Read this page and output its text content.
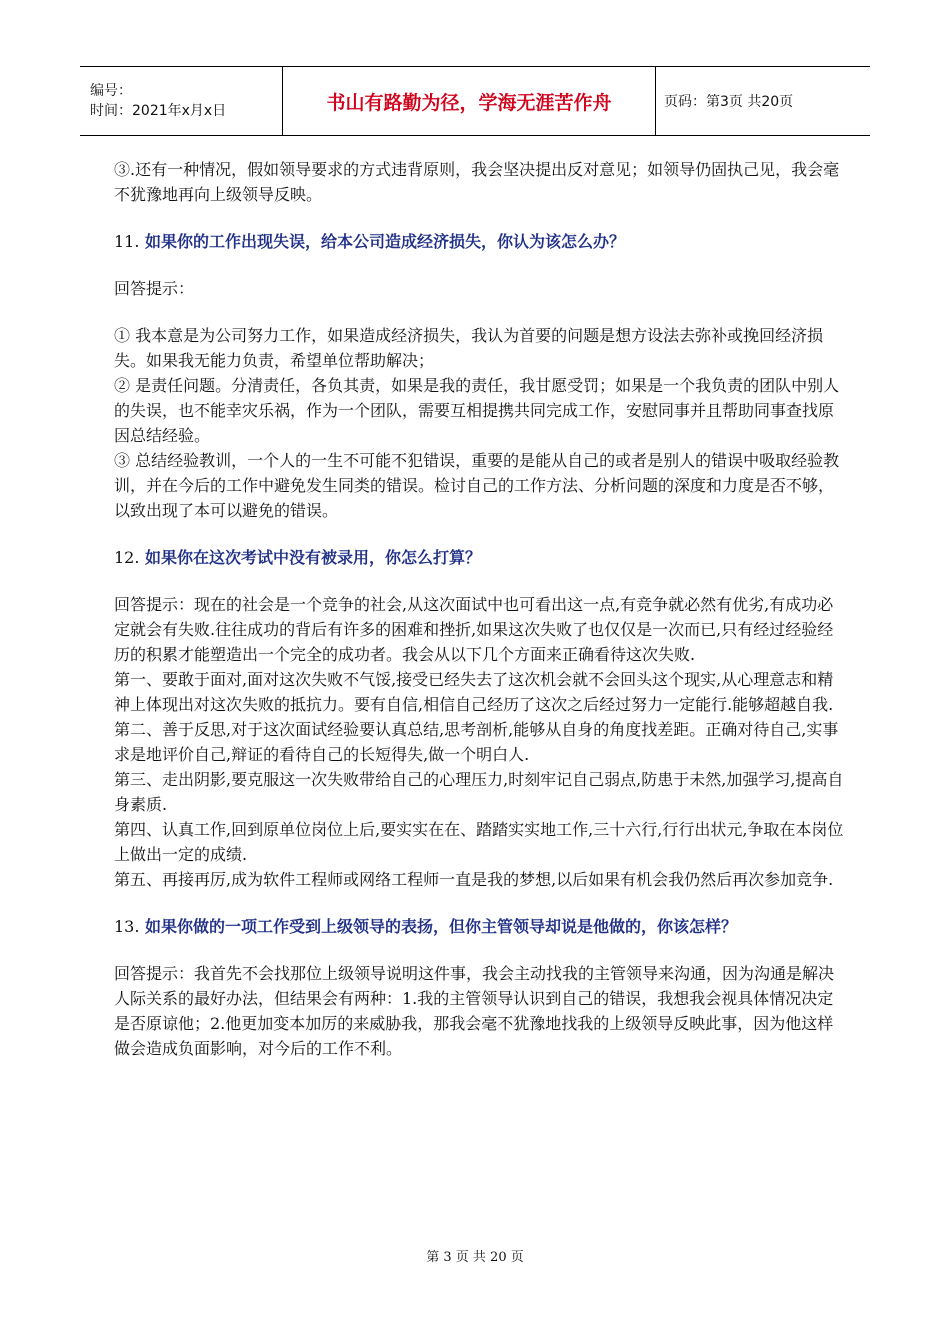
编号：
时间：2021年x月x日	书山有路勤为径，学海无涯苦作舟	页码：第3页 共20页

③.还有一种情况，假如领导要求的方式违背原则，我会坚决提出反对意见；如领导仍固执己见，我会毫不犹豫地再向上级领导反映。

11. 如果你的工作出现失误，给本公司造成经济损失，你认为该怎么办？

回答提示：

① 我本意是为公司努力工作，如果造成经济损失，我认为首要的问题是想方设法去弥补或挽回经济损失。如果我无能力负责，希望单位帮助解决；

② 是责任问题。分清责任，各负其责，如果是我的责任，我甘愿受罚；如果是一个我负责的团队中别人的失误，也不能幸灾乐祸，作为一个团队，需要互相提携共同完成工作，安慰同事并且帮助同事查找原因总结经验。

③ 总结经验教训，一个人的一生不可能不犯错误，重要的是能从自己的或者是别人的错误中吸取经验教训，并在今后的工作中避免发生同类的错误。检讨自己的工作方法、分析问题的深度和力度是否不够，以致出现了本可以避免的错误。

12. 如果你在这次考试中没有被录用，你怎么打算？

回答提示：现在的社会是一个竞争的社会,从这次面试中也可看出这一点,有竞争就必然有优劣,有成功必定就会有失败.往往成功的背后有许多的困难和挫折,如果这次失败了也仅仅是一次而已,只有经过经验经历的积累才能塑造出一个完全的成功者。我会从以下几个方面来正确看待这次失败.

第一、要敢于面对,面对这次失败不气馁,接受已经失去了这次机会就不会回头这个现实,从心理意志和精神上体现出对这次失败的抵抗力。要有自信,相信自己经历了这次之后经过努力一定能行.能够超越自我.

第二、善于反思,对于这次面试经验要认真总结,思考剖析,能够从自身的角度找差距。正确对待自己,实事求是地评价自己,辩证的看待自己的长短得失,做一个明白人.

第三、走出阴影,要克服这一次失败带给自己的心理压力,时刻牢记自己弱点,防患于未然,加强学习,提高自身素质.

第四、认真工作,回到原单位岗位上后,要实实在在、踏踏实实地工作,三十六行,行行出状元,争取在本岗位上做出一定的成绩.

第五、再接再厉,成为软件工程师或网络工程师一直是我的梦想,以后如果有机会我仍然后再次参加竞争.

13. 如果你做的一项工作受到上级领导的表扬，但你主管领导却说是他做的，你该怎样？

回答提示：我首先不会找那位上级领导说明这件事，我会主动找我的主管领导来沟通，因为沟通是解决人际关系的最好办法，但结果会有两种：1.我的主管领导认识到自己的错误，我想我会视具体情况决定是否原谅他；2.他更加变本加厉的来威胁我，那我会毫不犹豫地找我的上级领导反映此事，因为他这样做会造成负面影响，对今后的工作不利。

第 3 页 共 20 页
